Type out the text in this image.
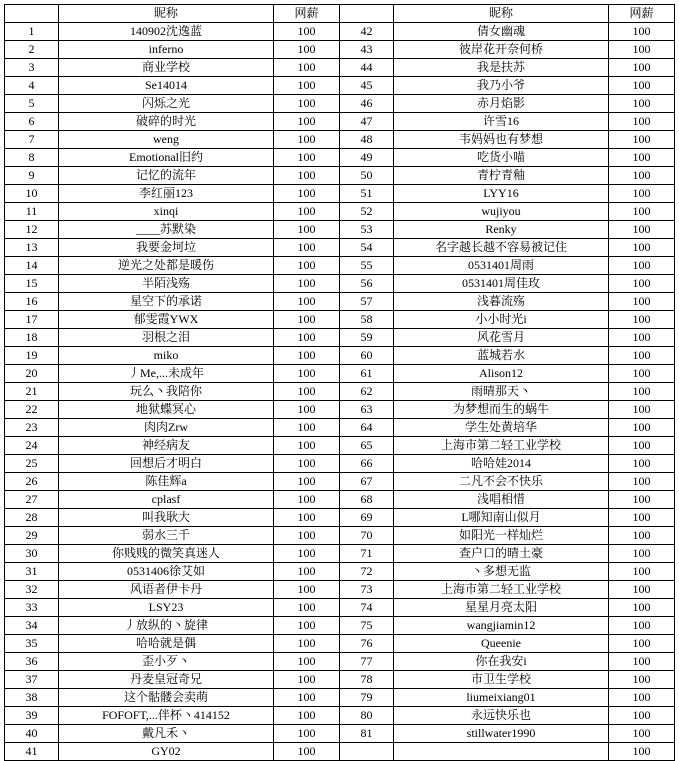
	昵称	网薪		昵称	网薪
1	140902沈逸蓝	100	42	倩女幽魂	100
2	inferno	100	43	彼岸花开奈何桥	100
3	商业学校	100	44	我是扶苏	100
4	Se14014	100	45	我乃小爷	100
5	闪烁之光	100	46	赤月焰影	100
6	破碎的时光	100	47	许雪16	100
7	weng	100	48	韦妈妈也有梦想	100
8	Emotional旧约	100	49	吃货小喵	100
9	记忆的流年	100	50	青柠青釉	100
10	李红丽123	100	51	LYY16	100
11	xinqi	100	52	wujiyou	100
12	____苏默染	100	53	Renky	100
13	我要金坷垃	100	54	名字越长越不容易被记住	100
14	逆光之处都是暖伤	100	55	0531401周雨	100
15	半陌浅殇	100	56	0531401周佳玫	100
16	星空下的承诺	100	57	浅暮流殇	100
17	郁雯霞YWX	100	58	小小时光i	100
18	羽根之泪	100	59	风花雪月	100
19	miko	100	60	蓝城若水	100
20	丿Me,...未成年	100	61	Alison12	100
21	玩么丶我陪你	100	62	雨晴那天丶	100
22	地狱蝶冥心	100	63	为梦想而生的蜗牛	100
23	肉肉Zrw	100	64	学生处黄培华	100
24	神经病友	100	65	上海市第二轻工业学校	100
25	回想后才明白	100	66	哈哈娃2014	100
26	陈佳辉a	100	67	二凡不会不快乐	100
27	cplasf	100	68	浅唱相惜	100
28	叫我耿大	100	69	L哪知南山似月	100
29	弱水三千	100	70	如阳光一样灿烂	100
30	你贱贱的微笑真迷人	100	71	查户口的晴土豪	100
31	0531406徐艾如	100	72	丶多想无监	100
32	风语者伊卡丹	100	73	上海市第二轻工业学校	100
33	LSY23	100	74	星星月亮太阳	100
34	丿放纵的丶旋律	100	75	wangjiamin12	100
35	哈哈就是偶	100	76	Queenie	100
36	歪小歹丶	100	77	你在我安i	100
37	丹麦皇冠奇兄	100	78	市卫生学校	100
38	这个骷髅会卖萌	100	79	liumeixiang01	100
39	FOFOFT,...伴杯丶414152	100	80	永远快乐也	100
40	戴凡禾丶	100	81	stillwater1990	100
41	GY02	100			100
